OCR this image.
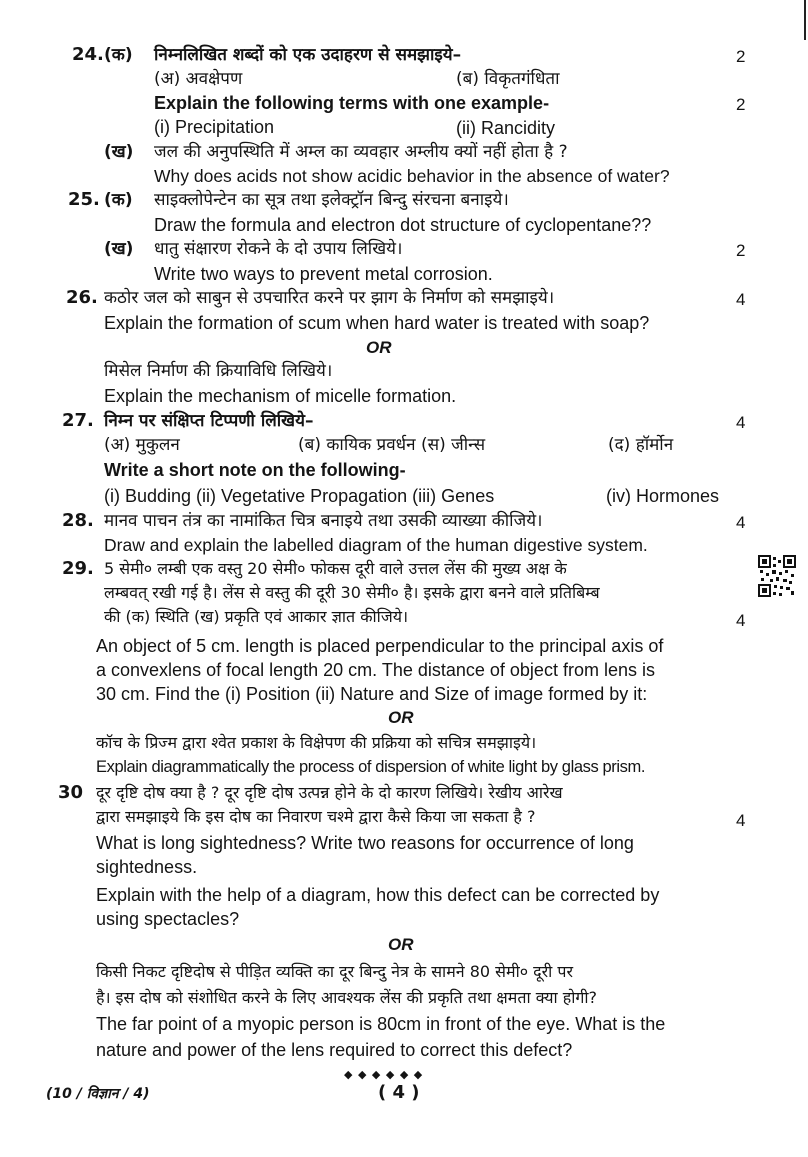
24. (क) निम्नलिखित शब्दों को एक उदाहरण से समझाइये–	2
(अ) अवक्षेपण	(ब) विकृतगंधिता
Explain the following terms with one example-	2
(i) Precipitation	(ii) Rancidity
(ख) जल की अनुपस्थिति में अम्ल का व्यवहार अम्लीय क्यों नहीं होता है ?
Why does acids not show acidic behavior in the absence of water?
25. (क) साइक्लोपेन्टेन का सूत्र तथा इलेक्ट्रॉन बिन्दु संरचना बनाइये।
Draw the formula and electron dot structure of cyclopentane??
(ख) धातु संक्षारण रोकने के दो उपाय लिखिये।	2
Write two ways to prevent metal corrosion.
26. कठोर जल को साबुन से उपचारित करने पर झाग के निर्माण को समझाइये।	4
Explain the formation of scum when hard water is treated with soap?
OR
मिसेल निर्माण की क्रियाविधि लिखिये।
Explain the mechanism of micelle formation.
27. निम्न पर संक्षिप्त टिप्पणी लिखिये–	4
(अ) मुकुलन	(ब) कायिक प्रवर्धन (स) जीन्स	(द) हॉर्मोन
Write a short note on the following-
(i) Budding (ii) Vegetative Propagation (iii) Genes	(iv) Hormones
28. मानव पाचन तंत्र का नामांकित चित्र बनाइये तथा उसकी व्याख्या कीजिये।	4
Draw and explain the labelled diagram of the human digestive system.
29. 5 सेमी० लम्बी एक वस्तु 20 सेमी० फोकस दूरी वाले उत्तल लेंस की मुख्य अक्ष के
लम्बवत् रखी गई है। लेंस से वस्तु की दूरी 30 सेमी० है। इसके द्वारा बनने वाले प्रतिबिम्ब
की (क) स्थिति (ख) प्रकृति एवं आकार ज्ञात कीजिये।	4
An object of 5 cm. length is placed perpendicular to the principal axis of
a convexlens of focal length 20 cm. The distance of object from lens is
30 cm. Find the (i) Position (ii) Nature and Size of image formed by it:
OR
कॉच के प्रिज्म द्वारा श्वेत प्रकाश के विक्षेपण की प्रक्रिया को सचित्र समझाइये।
Explain diagrammatically the process of dispersion of white light by glass prism.
30 दूर दृष्टि दोष क्या है ? दूर दृष्टि दोष उत्पन्न होने के दो कारण लिखिये। रेखीय आरेख
द्वारा समझाइये कि इस दोष का निवारण चश्मे द्वारा कैसे किया जा सकता है ?	4
What is long sightedness? Write two reasons for occurrence of long
sightedness.
Explain with the help of a diagram, how this defect can be corrected by
using spectacles?
OR
किसी निकट दृष्टिदोष से पीड़ित व्यक्ति का दूर बिन्दु नेत्र के सामने 80 सेमी० दूरी पर
है। इस दोष को संशोधित करने के लिए आवश्यक लेंस की प्रकृति तथा क्षमता क्या होगी?
The far point of a myopic person is 80cm in front of the eye. What is the
nature and power of the lens required to correct this defect?
◆ ◆ ◆ ◆ ◆ ◆
(10 / विज्ञान / 4)	( 4 )
